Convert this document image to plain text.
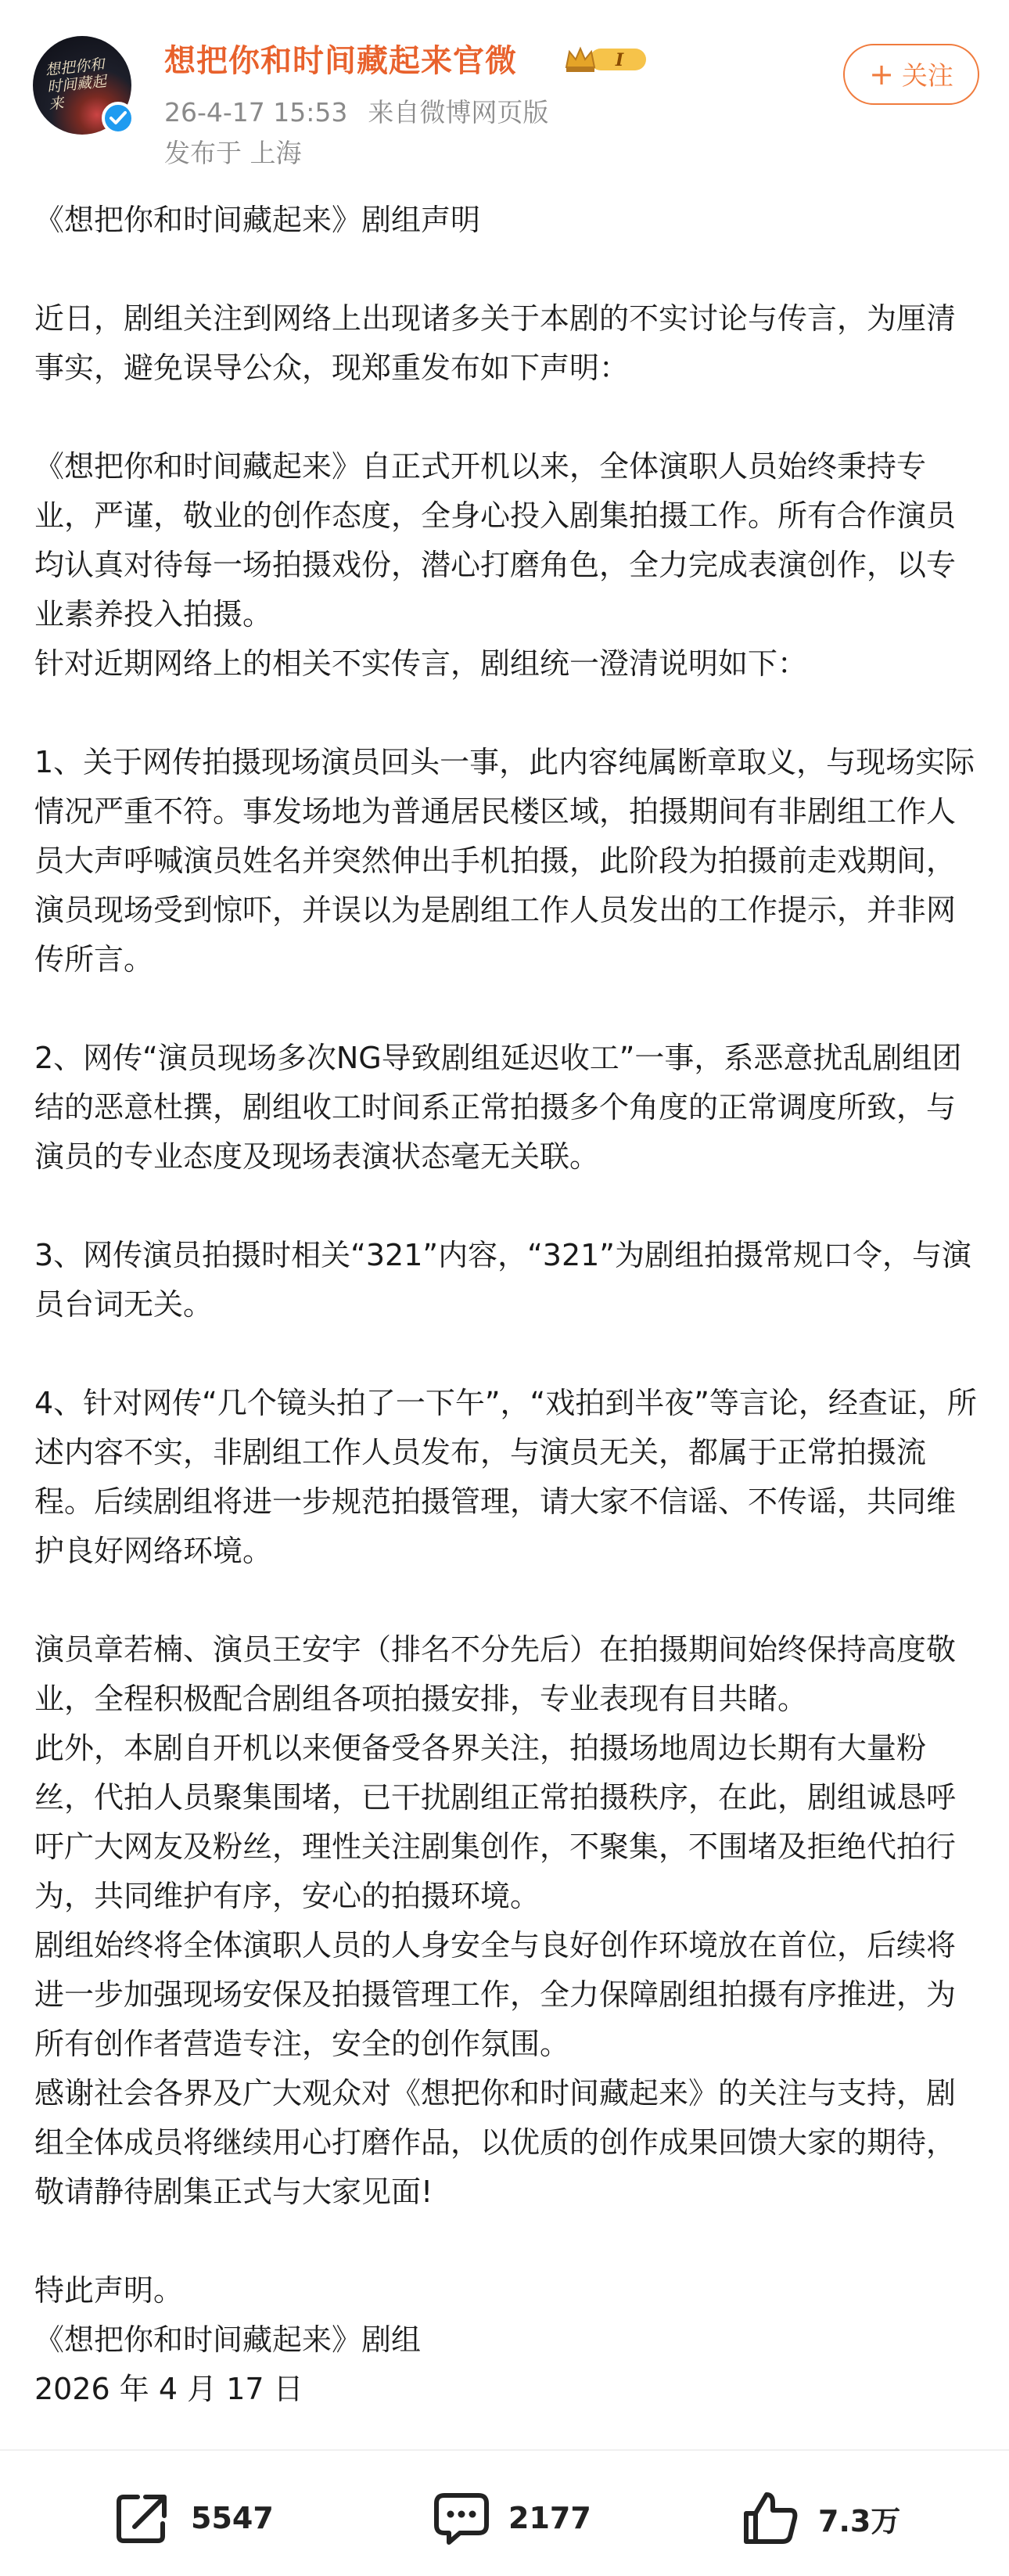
想把你和时间藏起来
想把你和时间藏起来官微	I
26-4-17 15:53 来自微博网页版
发布于 上海
+ 关注

《想把你和时间藏起来》剧组声明

近日，剧组关注到网络上出现诸多关于本剧的不实讨论与传言，为厘清事实，避免误导公众，现郑重发布如下声明：

《想把你和时间藏起来》自正式开机以来，全体演职人员始终秉持专业，严谨，敬业的创作态度，全身心投入剧集拍摄工作。所有合作演员均认真对待每一场拍摄戏份，潜心打磨角色，全力完成表演创作，以专业素养投入拍摄。

针对近期网络上的相关不实传言，剧组统一澄清说明如下：

1、关于网传拍摄现场演员回头一事，此内容纯属断章取义，与现场实际情况严重不符。事发场地为普通居民楼区域，拍摄期间有非剧组工作人员大声呼喊演员姓名并突然伸出手机拍摄，此阶段为拍摄前走戏期间，演员现场受到惊吓，并误以为是剧组工作人员发出的工作提示，并非网传所言。

2、网传“演员现场多次NG导致剧组延迟收工”一事，系恶意扰乱剧组团结的恶意杜撰，剧组收工时间系正常拍摄多个角度的正常调度所致，与演员的专业态度及现场表演状态毫无关联。

3、网传演员拍摄时相关“321”内容，“321”为剧组拍摄常规口令，与演员台词无关。

4、针对网传“几个镜头拍了一下午”，“戏拍到半夜”等言论，经查证，所述内容不实，非剧组工作人员发布，与演员无关，都属于正常拍摄流程。后续剧组将进一步规范拍摄管理，请大家不信谣、不传谣，共同维护良好网络环境。

演员章若楠、演员王安宇（排名不分先后）在拍摄期间始终保持高度敬业，全程积极配合剧组各项拍摄安排，专业表现有目共睹。

此外，本剧自开机以来便备受各界关注，拍摄场地周边长期有大量粉丝，代拍人员聚集围堵，已干扰剧组正常拍摄秩序，在此，剧组诚恳呼吁广大网友及粉丝，理性关注剧集创作，不聚集，不围堵及拒绝代拍行为，共同维护有序，安心的拍摄环境。

剧组始终将全体演职人员的人身安全与良好创作环境放在首位，后续将进一步加强现场安保及拍摄管理工作，全力保障剧组拍摄有序推进，为所有创作者营造专注，安全的创作氛围。

感谢社会各界及广大观众对《想把你和时间藏起来》的关注与支持，剧组全体成员将继续用心打磨作品，以优质的创作成果回馈大家的期待，敬请静待剧集正式与大家见面!

特此声明。

《想把你和时间藏起来》剧组

2026 年 4 月 17 日

5547	2177	7.3万
